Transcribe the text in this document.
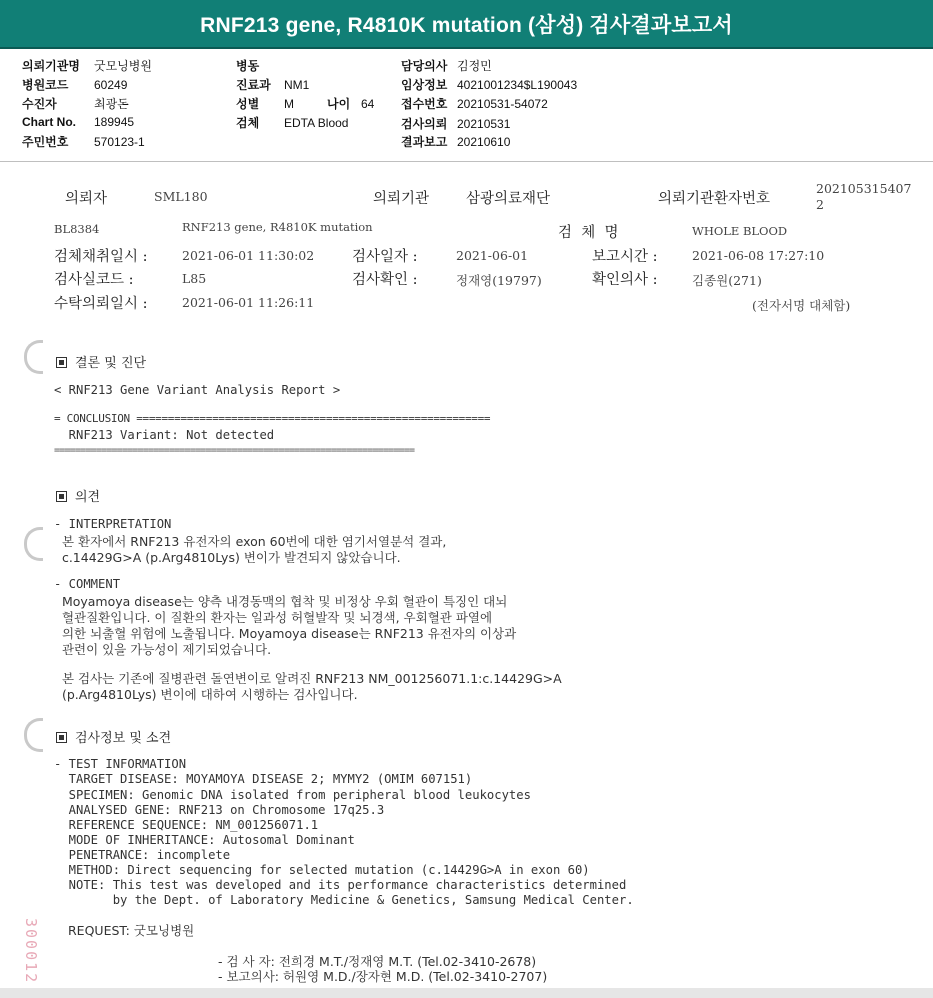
RNF213 gene, R4810K mutation (삼성) 검사결과보고서
의뢰기관명 굿모닝병원
병원코드 60249
수진자	최광돈
Chart No. 189945
주민번호 570123-1
병동
진료과 NM1
성별 M	나이 64
검체 EDTA Blood
담당의사 김정민
임상정보 4021001234$L190043
접수번호 20210531-54072
검사의뢰 20210531
결과보고 20210610
의뢰자	SML180	의뢰기관	삼광의료재단	의뢰기관환자번호
202105315407
2
BL8384	RNF213 gene, R4810K mutation	검  체  명	WHOLE BLOOD
검체채취일시 :	2021-06-01 11:30:02	검사일자 :	2021-06-01	보고시간 :	2021-06-08 17:27:10
검사실코드 :	L85	검사확인 :	정재영(19797)	확인의사 :	김종원(271)
수탁의뢰일시 :	2021-06-01 11:26:11	(전자서명 대체함)
결론 및 진단
< RNF213 Gene Variant Analysis Report >
= CONCLUSION ========================================================
RNF213 Variant: Not detected
=====================================================================
의견
- INTERPRETATION
본 환자에서 RNF213 유전자의 exon 60번에 대한 염기서열분석 결과,
c.14429G>A (p.Arg4810Lys) 변이가 발견되지 않았습니다.
- COMMENT
Moyamoya disease는 양측 내경동맥의 협착 및 비정상 우회 혈관이 특징인 대뇌
혈관질환입니다. 이 질환의 환자는 일과성 허혈발작 및 뇌경색, 우회혈관 파열에
의한 뇌출혈 위험에 노출됩니다. Moyamoya disease는 RNF213 유전자의 이상과
관련이 있을 가능성이 제기되었습니다.
본 검사는 기존에 질병관련 돌연변이로 알려진 RNF213 NM_001256071.1:c.14429G>A
(p.Arg4810Lys) 변이에 대하여 시행하는 검사입니다.
검사정보 및 소견
- TEST INFORMATION
TARGET DISEASE: MOYAMOYA DISEASE 2; MYMY2 (OMIM 607151)
SPECIMEN: Genomic DNA isolated from peripheral blood leukocytes
ANALYSED GENE: RNF213 on Chromosome 17q25.3
REFERENCE SEQUENCE: NM_001256071.1
MODE OF INHERITANCE: Autosomal Dominant
PENETRANCE: incomplete
METHOD: Direct sequencing for selected mutation (c.14429G>A in exon 60)
NOTE: This test was developed and its performance characteristics determined
by the Dept. of Laboratory Medicine & Genetics, Samsung Medical Center.
REQUEST: 굿모닝병원
- 검 사 자: 전희경 M.T./정재영 M.T. (Tel.02-3410-2678)
- 보고의사: 허원영 M.D./장자현 M.D. (Tel.02-3410-2707)
300012
